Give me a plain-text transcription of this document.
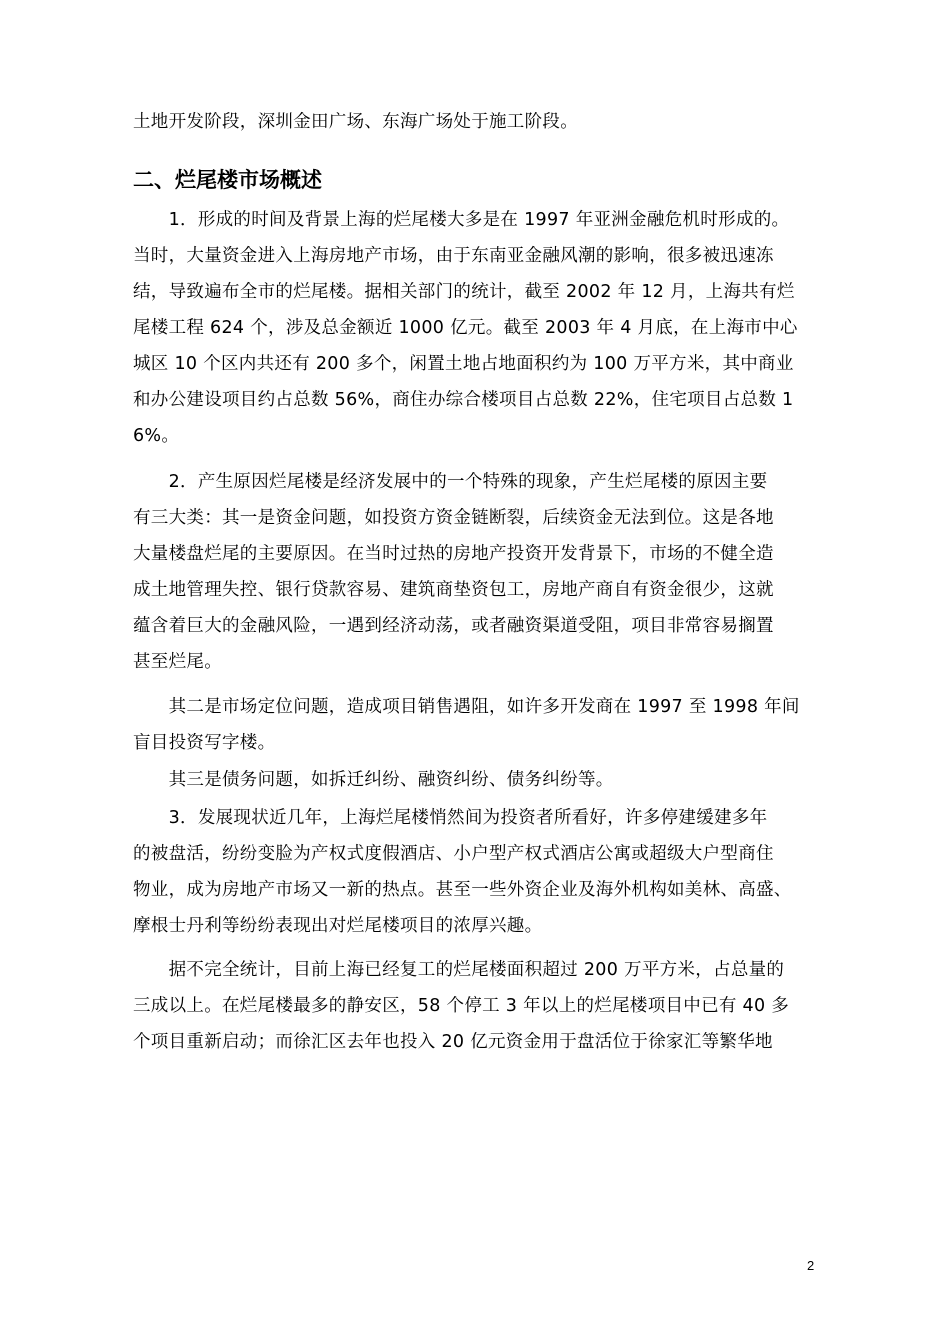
土地开发阶段，深圳金田广场、东海广场处于施工阶段。
二、烂尾楼市场概述
　　1．形成的时间及背景上海的烂尾楼大多是在 1997 年亚洲金融危机时形成的。
当时，大量资金进入上海房地产市场，由于东南亚金融风潮的影响，很多被迅速冻
结，导致遍布全市的烂尾楼。据相关部门的统计，截至 2002 年 12 月，上海共有烂
尾楼工程 624 个，涉及总金额近 1000 亿元。截至 2003 年 4 月底，在上海市中心
城区 10 个区内共还有 200 多个，闲置土地占地面积约为 100 万平方米，其中商业
和办公建设项目约占总数 56%，商住办综合楼项目占总数 22%，住宅项目占总数 1
6%。
　　2．产生原因烂尾楼是经济发展中的一个特殊的现象，产生烂尾楼的原因主要
有三大类：其一是资金问题，如投资方资金链断裂，后续资金无法到位。这是各地
大量楼盘烂尾的主要原因。在当时过热的房地产投资开发背景下，市场的不健全造
成土地管理失控、银行贷款容易、建筑商垫资包工，房地产商自有资金很少，这就
蕴含着巨大的金融风险，一遇到经济动荡，或者融资渠道受阻，项目非常容易搁置
甚至烂尾。
　　其二是市场定位问题，造成项目销售遇阻，如许多开发商在 1997 至 1998 年间
盲目投资写字楼。
　　其三是债务问题，如拆迁纠纷、融资纠纷、债务纠纷等。
　　3．发展现状近几年，上海烂尾楼悄然间为投资者所看好，许多停建缓建多年
的被盘活，纷纷变脸为产权式度假酒店、小户型产权式酒店公寓或超级大户型商住
物业，成为房地产市场又一新的热点。甚至一些外资企业及海外机构如美林、高盛、
摩根士丹利等纷纷表现出对烂尾楼项目的浓厚兴趣。
　　据不完全统计，目前上海已经复工的烂尾楼面积超过 200 万平方米，占总量的
三成以上。在烂尾楼最多的静安区，58 个停工 3 年以上的烂尾楼项目中已有 40 多
个项目重新启动；而徐汇区去年也投入 20 亿元资金用于盘活位于徐家汇等繁华地
2
